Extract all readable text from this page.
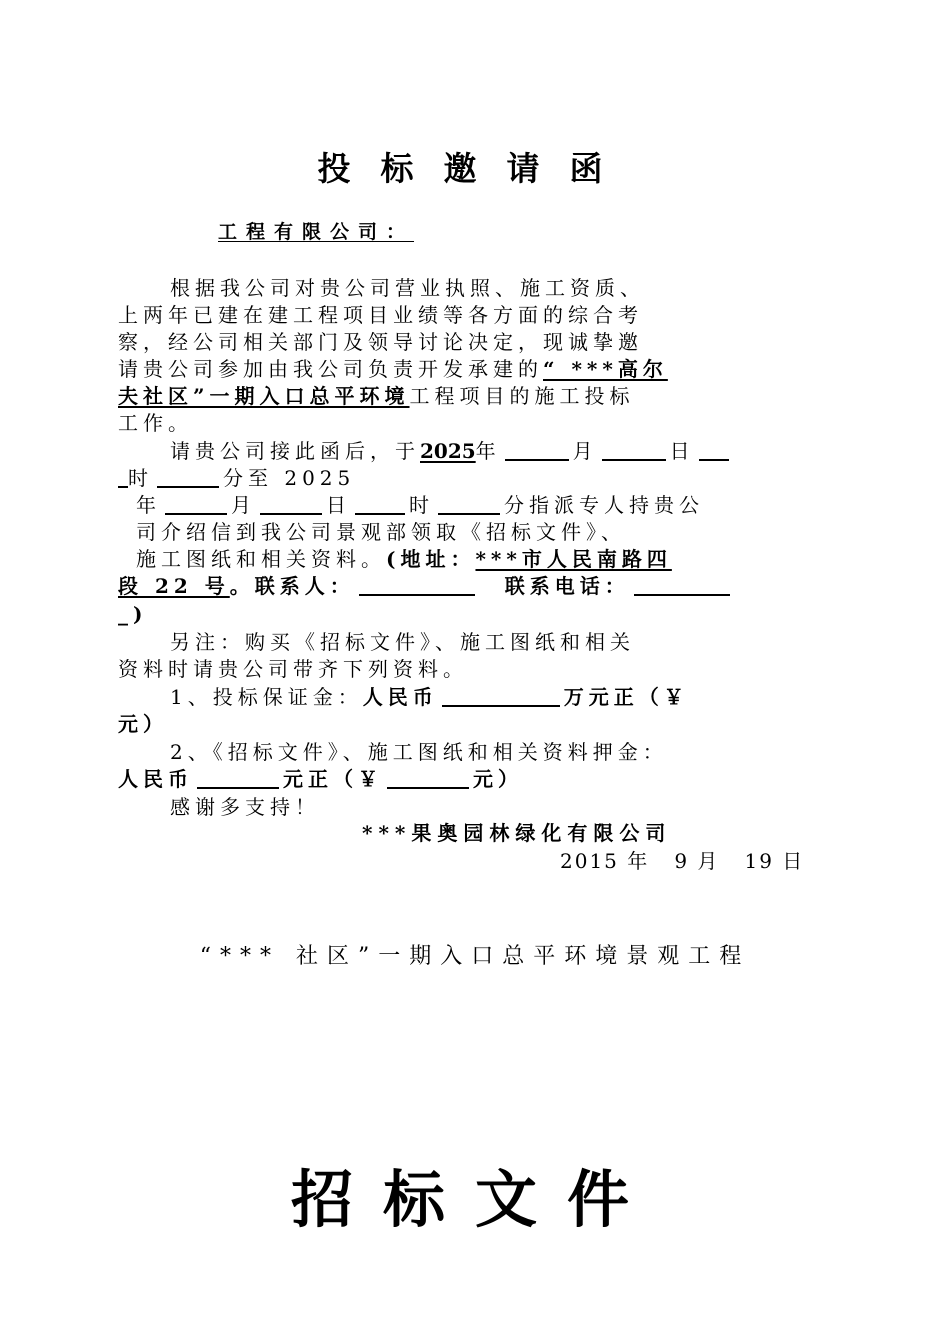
投标邀请函
工程有限公司：
根据我公司对贵公司营业执照、施工资质、
上两年已建在建工程项目业绩等各方面的综合考
察，经公司相关部门及领导讨论决定，现诚挚邀
请贵公司参加由我公司负责开发承建的“ ***高尔
夫社区”一期入口总平环境工程项目的施工投标
工作。
请贵公司接此函后，于2025年	月	日
时	分至 2025
年	月	日	时	分指派专人持贵公
司介绍信到我公司景观部领取《招标文件》、
施工图纸和相关资料。(地址：***市人民南路四
段 22 号。联系人：	联系电话：
_)
另注：购买《招标文件》、施工图纸和相关
资料时请贵公司带齐下列资料。
1、投标保证金：人民币	万元正（￥
元）
2、《招标文件》、施工图纸和相关资料押金：
人民币	元正（￥	元）
感谢多支持！
***果奥园林绿化有限公司
2015 年   9 月   19 日
“*** 社区”一期入口总平环境景观工程
招标文件
